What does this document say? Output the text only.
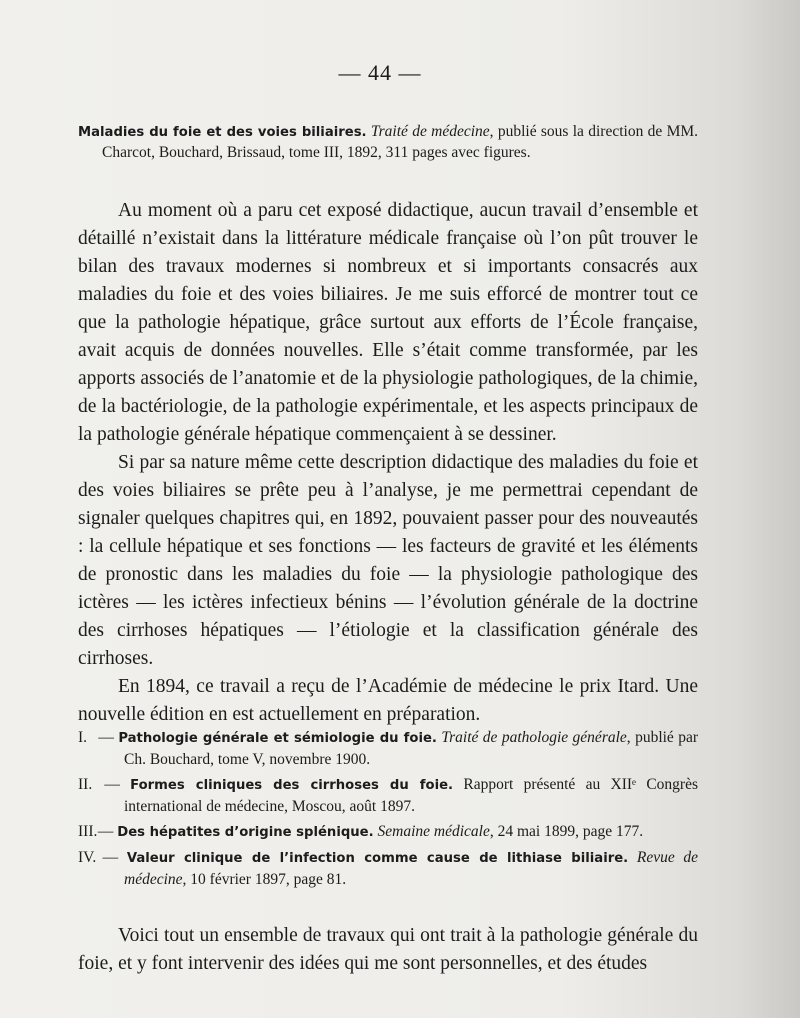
— 44 —
Maladies du foie et des voies biliaires. Traité de médecine, publié sous la direction de MM. Charcot, Bouchard, Brissaud, tome III, 1892, 311 pages avec figures.

Au moment où a paru cet exposé didactique, aucun travail d’ensemble et détaillé n’existait dans la littérature médicale française où l’on pût trouver le bilan des travaux modernes si nombreux et si importants consacrés aux maladies du foie et des voies biliaires. Je me suis efforcé de montrer tout ce que la pathologie hépatique, grâce surtout aux efforts de l’École française, avait acquis de données nouvelles. Elle s’était comme transformée, par les apports associés de l’anatomie et de la physiologie pathologiques, de la chimie, de la bactériologie, de la pathologie expérimentale, et les aspects principaux de la pathologie générale hépatique commençaient à se dessiner.

Si par sa nature même cette description didactique des maladies du foie et des voies biliaires se prête peu à l’analyse, je me permettrai cependant de signaler quelques chapitres qui, en 1892, pouvaient passer pour des nouveautés : la cellule hépatique et ses fonctions — les facteurs de gravité et les éléments de pronostic dans les maladies du foie — la physiologie pathologique des ictères — les ictères infectieux bénins — l’évolution générale de la doctrine des cirrhoses hépatiques — l’étiologie et la classification générale des cirrhoses.

En 1894, ce travail a reçu de l’Académie de médecine le prix Itard. Une nouvelle édition en est actuellement en préparation.

I. — Pathologie générale et sémiologie du foie. Traité de pathologie générale, publié par Ch. Bouchard, tome V, novembre 1900.
II. — Formes cliniques des cirrhoses du foie. Rapport présenté au XIIᵉ Congrès international de médecine, Moscou, août 1897.
III. — Des hépatites d’origine splénique. Semaine médicale, 24 mai 1899, page 177.
IV. — Valeur clinique de l’infection comme cause de lithiase biliaire. Revue de médecine, 10 février 1897, page 81.

Voici tout un ensemble de travaux qui ont trait à la pathologie générale du foie, et y font intervenir des idées qui me sont personnelles, et des études
